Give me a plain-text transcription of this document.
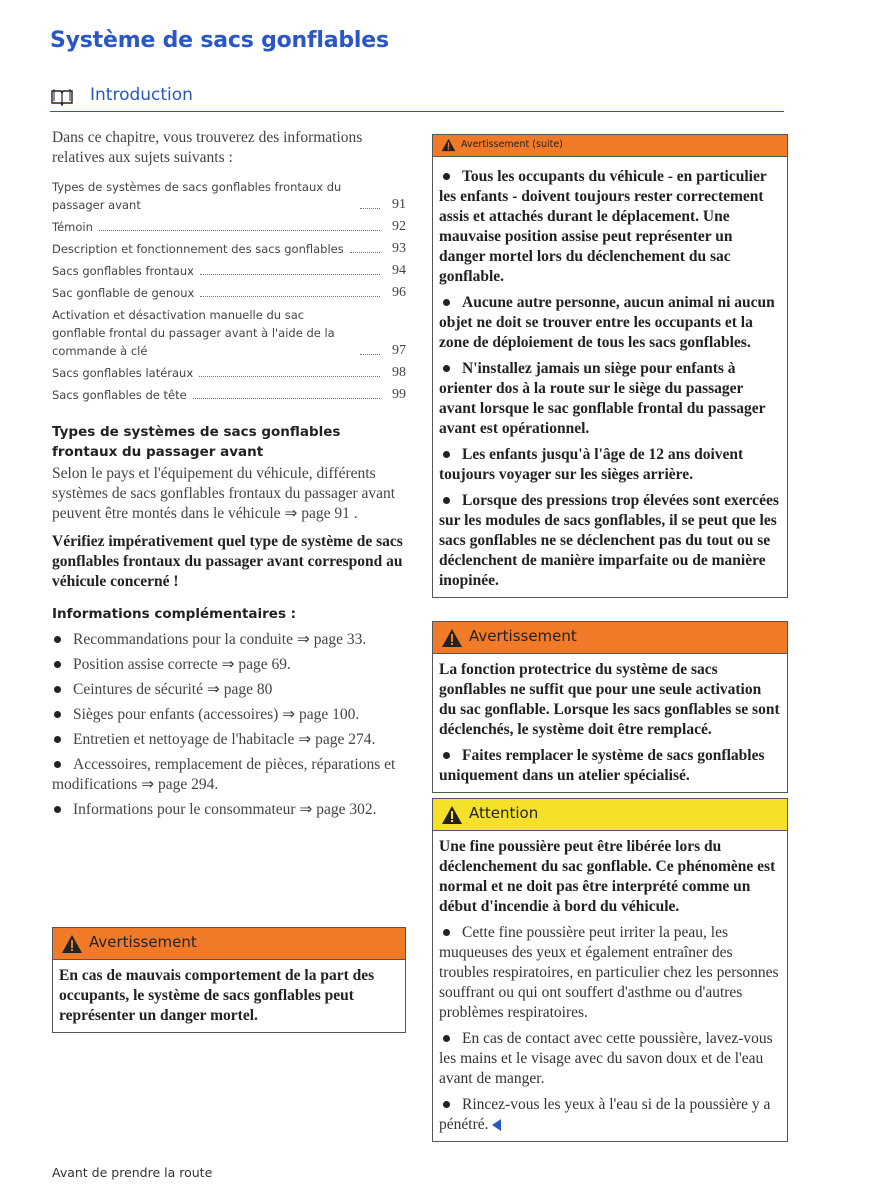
Système de sacs gonflables
Introduction

Dans ce chapitre, vous trouverez des informations relatives aux sujets suivants :

Types de systèmes de sacs gonflables frontaux du passager avant	91
Témoin	92
Description et fonctionnement des sacs gonflables	93
Sacs gonflables frontaux	94
Sac gonflable de genoux	96
Activation et désactivation manuelle du sac gonflable frontal du passager avant à l'aide de la commande à clé	97
Sacs gonflables latéraux	98
Sacs gonflables de tête	99
Types de systèmes de sacs gonflables frontaux du passager avant

Selon le pays et l'équipement du véhicule, différents systèmes de sacs gonflables frontaux du passager avant peuvent être montés dans le véhicule ⇒ page 91 .

Vérifiez impérativement quel type de système de sacs gonflables frontaux du passager avant correspond au véhicule concerné !

Informations complémentaires :
Recommandations pour la conduite ⇒ page 33.
Position assise correcte ⇒ page 69.
Ceintures de sécurité ⇒ page 80
Sièges pour enfants (accessoires) ⇒ page 100.
Entretien et nettoyage de l'habitacle ⇒ page 274.
Accessoires, remplacement de pièces, réparations et modifications ⇒ page 294.
Informations pour le consommateur ⇒ page 302.
Avertissement

En cas de mauvais comportement de la part des occupants, le système de sacs gonflables peut représenter un danger mortel.

Avertissement (suite)

Tous les occupants du véhicule - en particulier les enfants - doivent toujours rester correctement assis et attachés durant le déplacement. Une mauvaise position assise peut représenter un danger mortel lors du déclenchement du sac gonflable.

Aucune autre personne, aucun animal ni aucun objet ne doit se trouver entre les occupants et la zone de déploiement de tous les sacs gonflables.

N'installez jamais un siège pour enfants à orienter dos à la route sur le siège du passager avant lorsque le sac gonflable frontal du passager avant est opérationnel.

Les enfants jusqu'à l'âge de 12 ans doivent toujours voyager sur les sièges arrière.

Lorsque des pressions trop élevées sont exercées sur les modules de sacs gonflables, il se peut que les sacs gonflables ne se déclenchent pas du tout ou se déclenchent de manière imparfaite ou de manière inopinée.

Avertissement

La fonction protectrice du système de sacs gonflables ne suffit que pour une seule activation du sac gonflable. Lorsque les sacs gonflables se sont déclenchés, le système doit être remplacé.

Faites remplacer le système de sacs gonflables uniquement dans un atelier spécialisé.

Attention

Une fine poussière peut être libérée lors du déclenchement du sac gonflable. Ce phénomène est normal et ne doit pas être interprété comme un début d'incendie à bord du véhicule.

Cette fine poussière peut irriter la peau, les muqueuses des yeux et également entraîner des troubles respiratoires, en particulier chez les personnes souffrant ou qui ont souffert d'asthme ou d'autres problèmes respiratoires.

En cas de contact avec cette poussière, lavez-vous les mains et le visage avec du savon doux et de l'eau avant de manger.

Rincez-vous les yeux à l'eau si de la poussière y a pénétré.

Avant de prendre la route
